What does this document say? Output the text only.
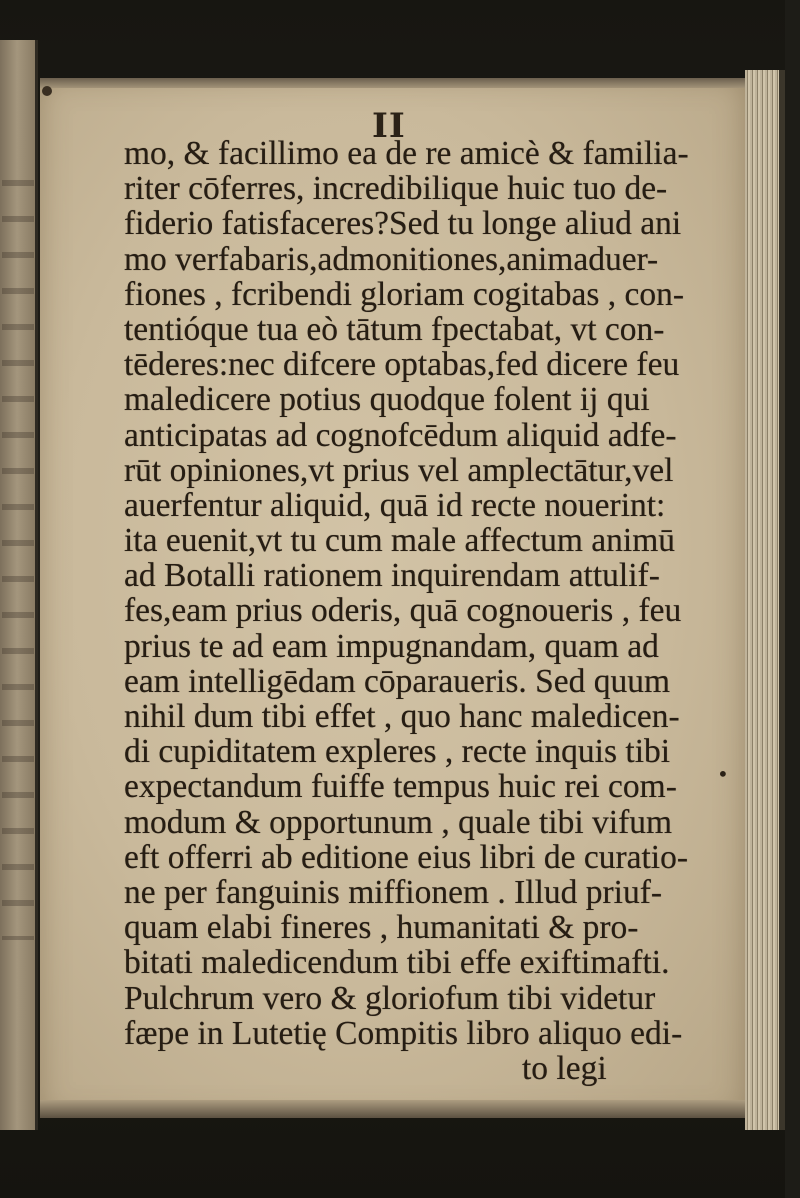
II
mo, & facillimo ea de re amicè & familia-
riter cōferres, incredibilique huic tuo de-
fiderio fatisfaceres?Sed tu longe aliud ani
mo verfabaris,admonitiones,animaduer-
fiones , fcribendi gloriam cogitabas , con-
tentióque tua eò tātum fpectabat, vt con-
tēderes:nec difcere optabas,fed dicere feu
maledicere potius quodque folent ij qui
anticipatas ad cognofcēdum aliquid adfe-
rūt opiniones,vt prius vel amplectātur,vel
auerfentur aliquid, quā id recte nouerint:
ita euenit,vt tu cum male affectum animū
ad Botalli rationem inquirendam attulif-
fes,eam prius oderis, quā cognoueris , feu
prius te ad eam impugnandam, quam ad
eam intelligēdam cōparaueris. Sed quum
nihil dum tibi effet , quo hanc maledicen-
di cupiditatem expleres , recte inquis tibi
expectandum fuiffe tempus huic rei com-
modum & opportunum , quale tibi vifum
eft offerri ab editione eius libri de curatio-
ne per fanguinis miffionem . Illud priuf-
quam elabi fineres , humanitati & pro-
bitati maledicendum tibi effe exiftimafti.
Pulchrum vero & gloriofum tibi videtur
fæpe in Lutetię Compitis libro aliquo edi-
to legi
•
